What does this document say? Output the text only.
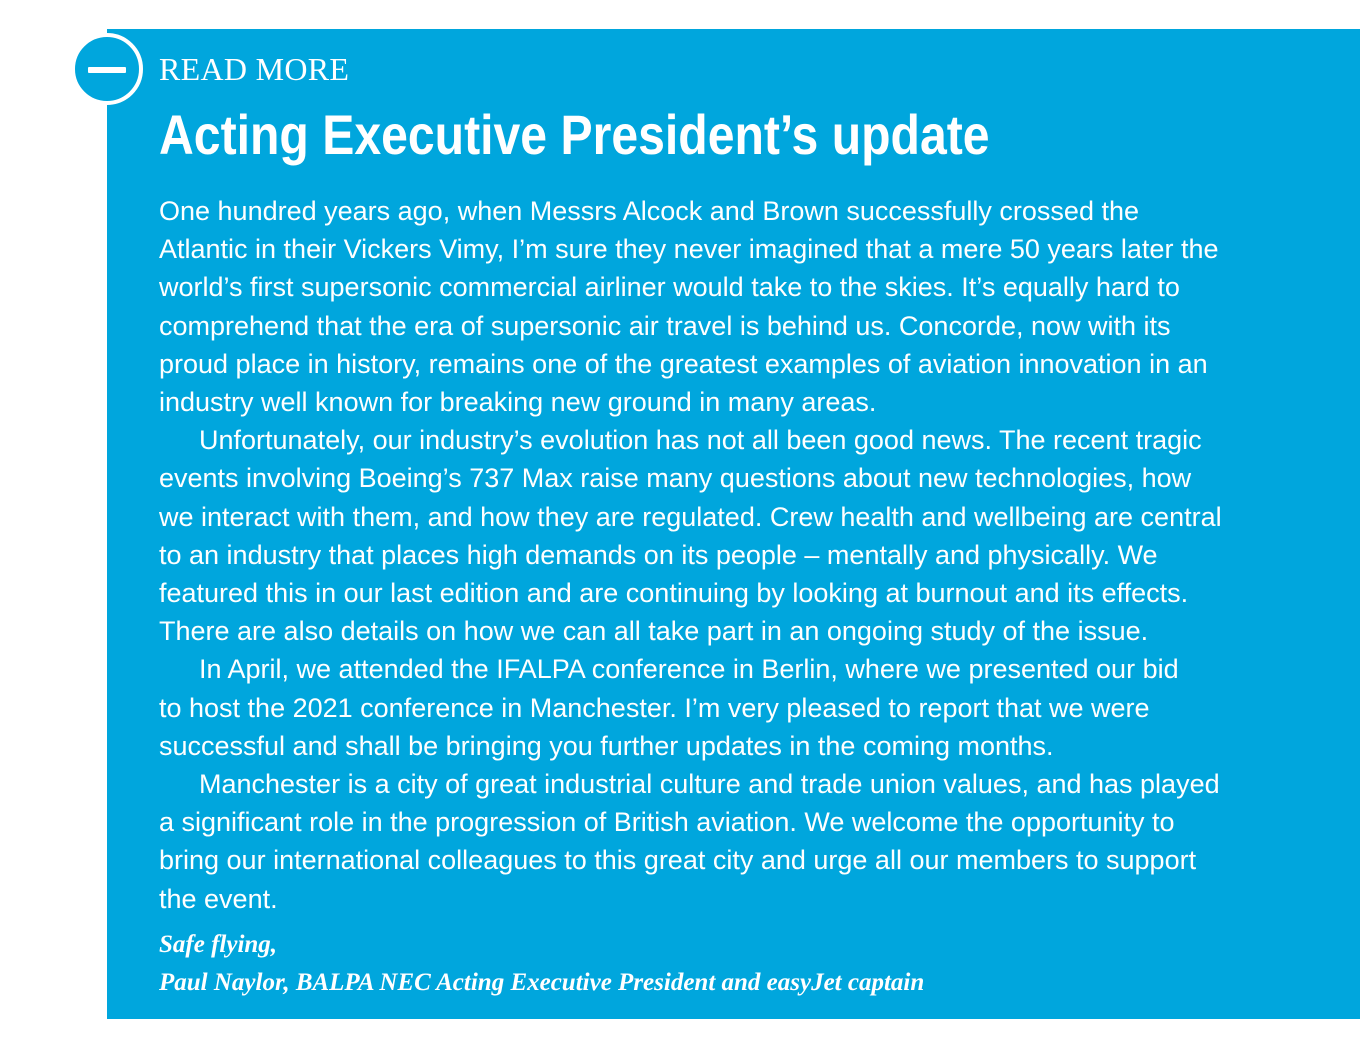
READ MORE
Acting Executive President’s update

One hundred years ago, when Messrs Alcock and Brown successfully crossed the
Atlantic in their Vickers Vimy, I’m sure they never imagined that a mere 50 years later the
world’s first supersonic commercial airliner would take to the skies. It’s equally hard to
comprehend that the era of supersonic air travel is behind us. Concorde, now with its
proud place in history, remains one of the greatest examples of aviation innovation in an
industry well known for breaking new ground in many areas.

Unfortunately, our industry’s evolution has not all been good news. The recent tragic
events involving Boeing’s 737 Max raise many questions about new technologies, how
we interact with them, and how they are regulated. Crew health and wellbeing are central
to an industry that places high demands on its people – mentally and physically. We
featured this in our last edition and are continuing by looking at burnout and its effects.
There are also details on how we can all take part in an ongoing study of the issue.

In April, we attended the IFALPA conference in Berlin, where we presented our bid
to host the 2021 conference in Manchester. I’m very pleased to report that we were
successful and shall be bringing you further updates in the coming months.

Manchester is a city of great industrial culture and trade union values, and has played
a significant role in the progression of British aviation. We welcome the opportunity to
bring our international colleagues to this great city and urge all our members to support
the event.

Safe flying,
Paul Naylor, BALPA NEC Acting Executive President and easyJet captain
